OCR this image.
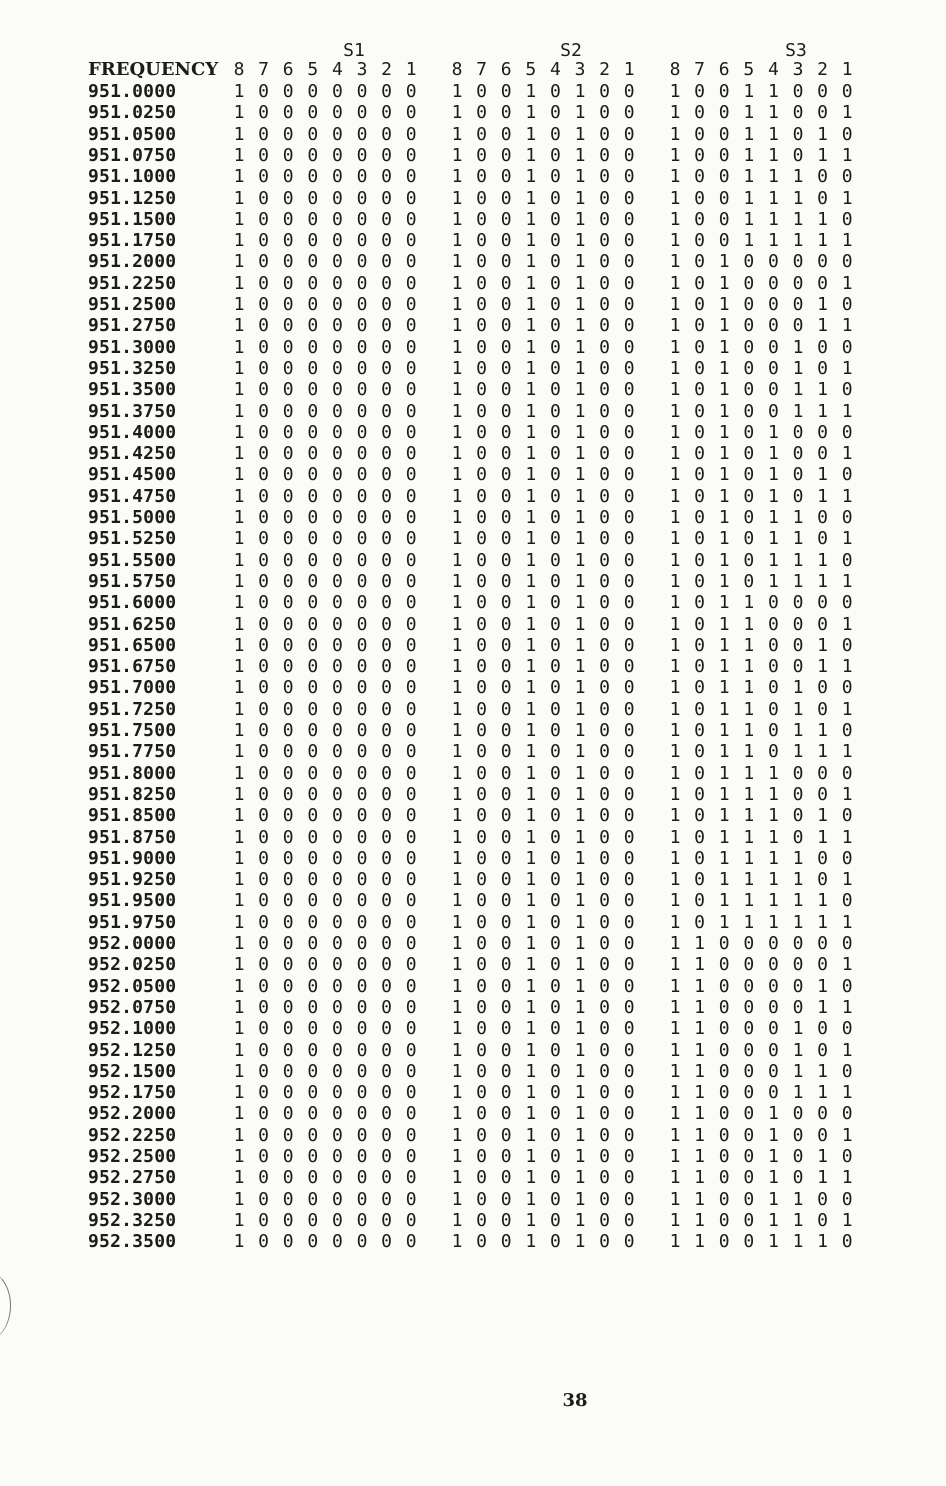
S1	S2	S3
FREQUENCY 8 7 6 5 4 3 2 1 8 7 6 5 4 3 2 1 8 7 6 5 4 3 2 1
951.0000	1 0 0 0 0 0 0 0 1 0 0 1 0 1 0 0 1 0 0 1 1 0 0 0
951.0250	1 0 0 0 0 0 0 0 1 0 0 1 0 1 0 0 1 0 0 1 1 0 0 1
951.0500	1 0 0 0 0 0 0 0 1 0 0 1 0 1 0 0 1 0 0 1 1 0 1 0
951.0750	1 0 0 0 0 0 0 0 1 0 0 1 0 1 0 0 1 0 0 1 1 0 1 1
951.1000	1 0 0 0 0 0 0 0 1 0 0 1 0 1 0 0 1 0 0 1 1 1 0 0
951.1250	1 0 0 0 0 0 0 0 1 0 0 1 0 1 0 0 1 0 0 1 1 1 0 1
951.1500	1 0 0 0 0 0 0 0 1 0 0 1 0 1 0 0 1 0 0 1 1 1 1 0
951.1750	1 0 0 0 0 0 0 0 1 0 0 1 0 1 0 0 1 0 0 1 1 1 1 1
951.2000	1 0 0 0 0 0 0 0 1 0 0 1 0 1 0 0 1 0 1 0 0 0 0 0
951.2250	1 0 0 0 0 0 0 0 1 0 0 1 0 1 0 0 1 0 1 0 0 0 0 1
951.2500	1 0 0 0 0 0 0 0 1 0 0 1 0 1 0 0 1 0 1 0 0 0 1 0
951.2750	1 0 0 0 0 0 0 0 1 0 0 1 0 1 0 0 1 0 1 0 0 0 1 1
951.3000	1 0 0 0 0 0 0 0 1 0 0 1 0 1 0 0 1 0 1 0 0 1 0 0
951.3250	1 0 0 0 0 0 0 0 1 0 0 1 0 1 0 0 1 0 1 0 0 1 0 1
951.3500	1 0 0 0 0 0 0 0 1 0 0 1 0 1 0 0 1 0 1 0 0 1 1 0
951.3750	1 0 0 0 0 0 0 0 1 0 0 1 0 1 0 0 1 0 1 0 0 1 1 1
951.4000	1 0 0 0 0 0 0 0 1 0 0 1 0 1 0 0 1 0 1 0 1 0 0 0
951.4250	1 0 0 0 0 0 0 0 1 0 0 1 0 1 0 0 1 0 1 0 1 0 0 1
951.4500	1 0 0 0 0 0 0 0 1 0 0 1 0 1 0 0 1 0 1 0 1 0 1 0
951.4750	1 0 0 0 0 0 0 0 1 0 0 1 0 1 0 0 1 0 1 0 1 0 1 1
951.5000	1 0 0 0 0 0 0 0 1 0 0 1 0 1 0 0 1 0 1 0 1 1 0 0
951.5250	1 0 0 0 0 0 0 0 1 0 0 1 0 1 0 0 1 0 1 0 1 1 0 1
951.5500	1 0 0 0 0 0 0 0 1 0 0 1 0 1 0 0 1 0 1 0 1 1 1 0
951.5750	1 0 0 0 0 0 0 0 1 0 0 1 0 1 0 0 1 0 1 0 1 1 1 1
951.6000	1 0 0 0 0 0 0 0 1 0 0 1 0 1 0 0 1 0 1 1 0 0 0 0
951.6250	1 0 0 0 0 0 0 0 1 0 0 1 0 1 0 0 1 0 1 1 0 0 0 1
951.6500	1 0 0 0 0 0 0 0 1 0 0 1 0 1 0 0 1 0 1 1 0 0 1 0
951.6750	1 0 0 0 0 0 0 0 1 0 0 1 0 1 0 0 1 0 1 1 0 0 1 1
951.7000	1 0 0 0 0 0 0 0 1 0 0 1 0 1 0 0 1 0 1 1 0 1 0 0
951.7250	1 0 0 0 0 0 0 0 1 0 0 1 0 1 0 0 1 0 1 1 0 1 0 1
951.7500	1 0 0 0 0 0 0 0 1 0 0 1 0 1 0 0 1 0 1 1 0 1 1 0
951.7750	1 0 0 0 0 0 0 0 1 0 0 1 0 1 0 0 1 0 1 1 0 1 1 1
951.8000	1 0 0 0 0 0 0 0 1 0 0 1 0 1 0 0 1 0 1 1 1 0 0 0
951.8250	1 0 0 0 0 0 0 0 1 0 0 1 0 1 0 0 1 0 1 1 1 0 0 1
951.8500	1 0 0 0 0 0 0 0 1 0 0 1 0 1 0 0 1 0 1 1 1 0 1 0
951.8750	1 0 0 0 0 0 0 0 1 0 0 1 0 1 0 0 1 0 1 1 1 0 1 1
951.9000	1 0 0 0 0 0 0 0 1 0 0 1 0 1 0 0 1 0 1 1 1 1 0 0
951.9250	1 0 0 0 0 0 0 0 1 0 0 1 0 1 0 0 1 0 1 1 1 1 0 1
951.9500	1 0 0 0 0 0 0 0 1 0 0 1 0 1 0 0 1 0 1 1 1 1 1 0
951.9750	1 0 0 0 0 0 0 0 1 0 0 1 0 1 0 0 1 0 1 1 1 1 1 1
952.0000	1 0 0 0 0 0 0 0 1 0 0 1 0 1 0 0 1 1 0 0 0 0 0 0
952.0250	1 0 0 0 0 0 0 0 1 0 0 1 0 1 0 0 1 1 0 0 0 0 0 1
952.0500	1 0 0 0 0 0 0 0 1 0 0 1 0 1 0 0 1 1 0 0 0 0 1 0
952.0750	1 0 0 0 0 0 0 0 1 0 0 1 0 1 0 0 1 1 0 0 0 0 1 1
952.1000	1 0 0 0 0 0 0 0 1 0 0 1 0 1 0 0 1 1 0 0 0 1 0 0
952.1250	1 0 0 0 0 0 0 0 1 0 0 1 0 1 0 0 1 1 0 0 0 1 0 1
952.1500	1 0 0 0 0 0 0 0 1 0 0 1 0 1 0 0 1 1 0 0 0 1 1 0
952.1750	1 0 0 0 0 0 0 0 1 0 0 1 0 1 0 0 1 1 0 0 0 1 1 1
952.2000	1 0 0 0 0 0 0 0 1 0 0 1 0 1 0 0 1 1 0 0 1 0 0 0
952.2250	1 0 0 0 0 0 0 0 1 0 0 1 0 1 0 0 1 1 0 0 1 0 0 1
952.2500	1 0 0 0 0 0 0 0 1 0 0 1 0 1 0 0 1 1 0 0 1 0 1 0
952.2750	1 0 0 0 0 0 0 0 1 0 0 1 0 1 0 0 1 1 0 0 1 0 1 1
952.3000	1 0 0 0 0 0 0 0 1 0 0 1 0 1 0 0 1 1 0 0 1 1 0 0
952.3250	1 0 0 0 0 0 0 0 1 0 0 1 0 1 0 0 1 1 0 0 1 1 0 1
952.3500	1 0 0 0 0 0 0 0 1 0 0 1 0 1 0 0 1 1 0 0 1 1 1 0
38
